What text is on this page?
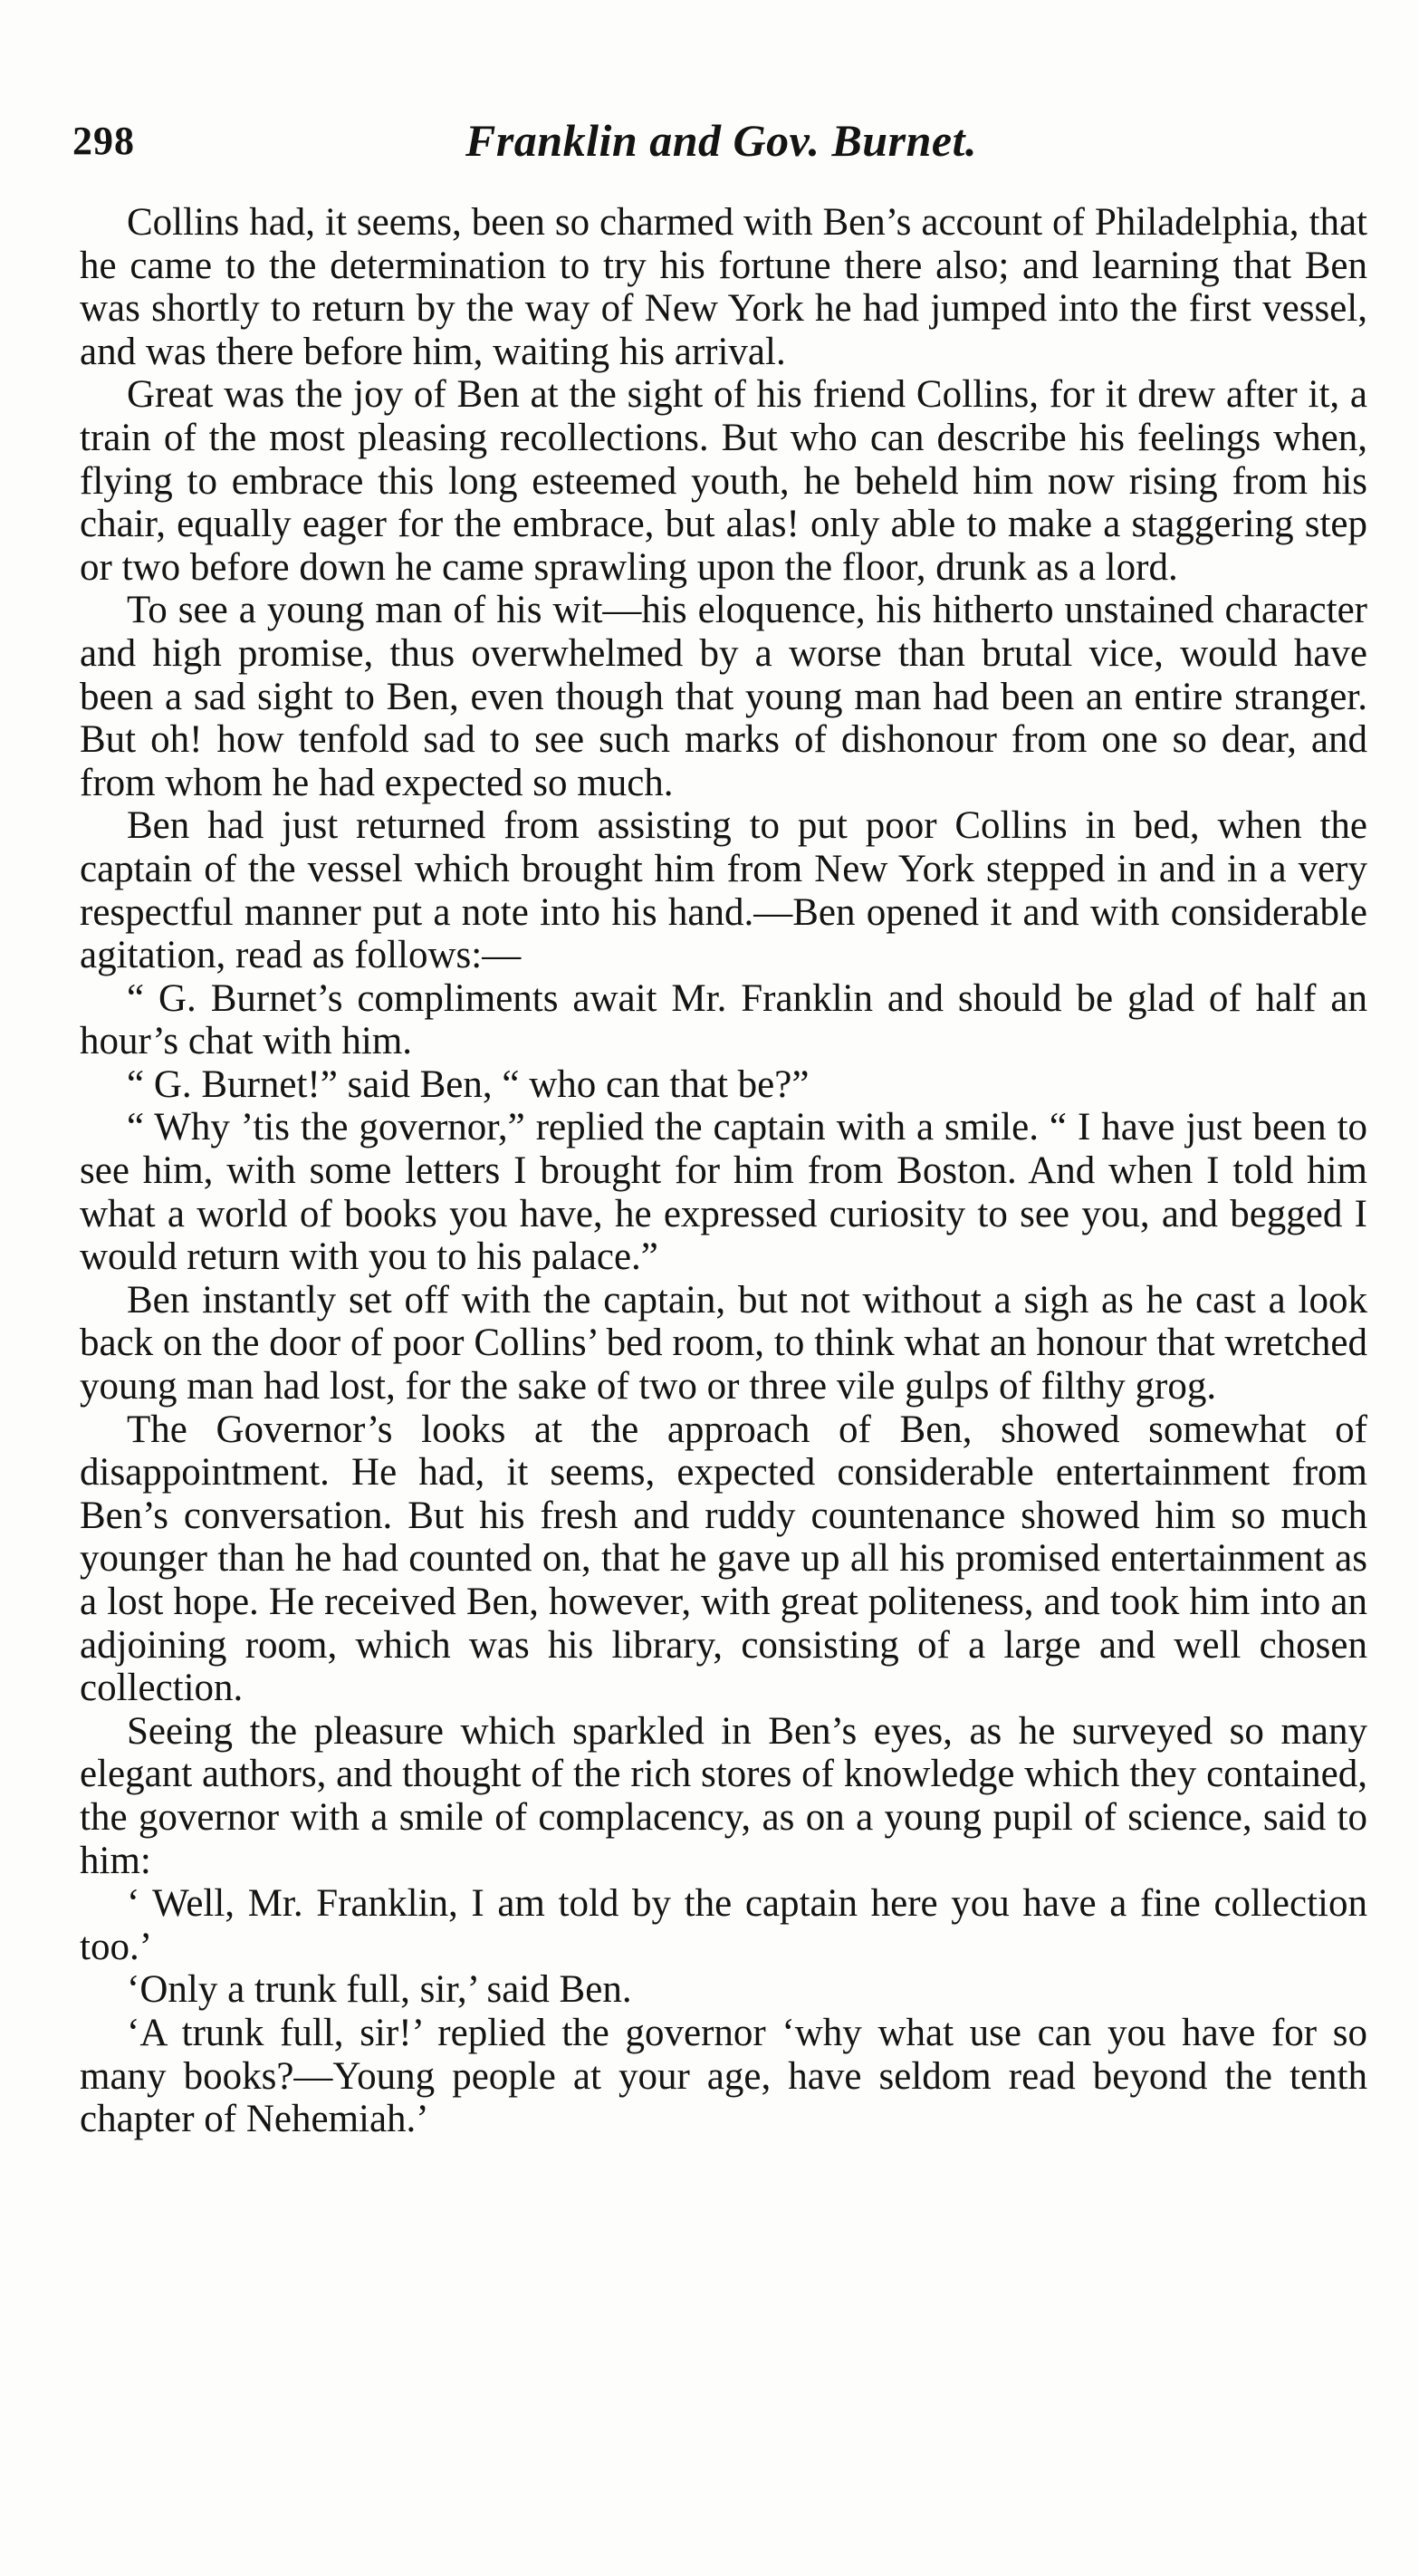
298	Franklin and Gov. Burnet.

Collins had, it seems, been so charmed with Ben’s account of Philadelphia, that he came to the determination to try his fortune there also; and learning that Ben was shortly to return by the way of New York he had jumped into the first vessel, and was there before him, waiting his arrival.

Great was the joy of Ben at the sight of his friend Collins, for it drew after it, a train of the most pleasing recollections. But who can describe his feelings when, flying to embrace this long esteemed youth, he beheld him now rising from his chair, equally eager for the embrace, but alas! only able to make a staggering step or two before down he came sprawling upon the floor, drunk as a lord.

To see a young man of his wit—his eloquence, his hitherto unstained character and high promise, thus overwhelmed by a worse than brutal vice, would have been a sad sight to Ben, even though that young man had been an entire stranger. But oh! how tenfold sad to see such marks of dishonour from one so dear, and from whom he had expected so much.

Ben had just returned from assisting to put poor Collins in bed, when the captain of the vessel which brought him from New York stepped in and in a very respectful manner put a note into his hand.—Ben opened it and with considerable agitation, read as follows:—

“ G. Burnet’s compliments await Mr. Franklin and should be glad of half an hour’s chat with him.

“ G. Burnet!” said Ben, “ who can that be?”

“ Why ’tis the governor,” replied the captain with a smile. “ I have just been to see him, with some letters I brought for him from Boston. And when I told him what a world of books you have, he expressed curiosity to see you, and begged I would return with you to his palace.”

Ben instantly set off with the captain, but not without a sigh as he cast a look back on the door of poor Collins’ bed room, to think what an honour that wretched young man had lost, for the sake of two or three vile gulps of filthy grog.

The Governor’s looks at the approach of Ben, showed somewhat of disappointment. He had, it seems, expected considerable entertainment from Ben’s conversation. But his fresh and ruddy countenance showed him so much younger than he had counted on, that he gave up all his promised entertainment as a lost hope. He received Ben, however, with great politeness, and took him into an adjoining room, which was his library, consisting of a large and well chosen collection.

Seeing the pleasure which sparkled in Ben’s eyes, as he surveyed so many elegant authors, and thought of the rich stores of knowledge which they contained, the governor with a smile of complacency, as on a young pupil of science, said to him:

‘ Well, Mr. Franklin, I am told by the captain here you have a fine collection too.’

‘Only a trunk full, sir,’ said Ben.

‘A trunk full, sir!’ replied the governor ‘why what use can you have for so many books?—Young people at your age, have seldom read beyond the tenth chapter of Nehemiah.’
